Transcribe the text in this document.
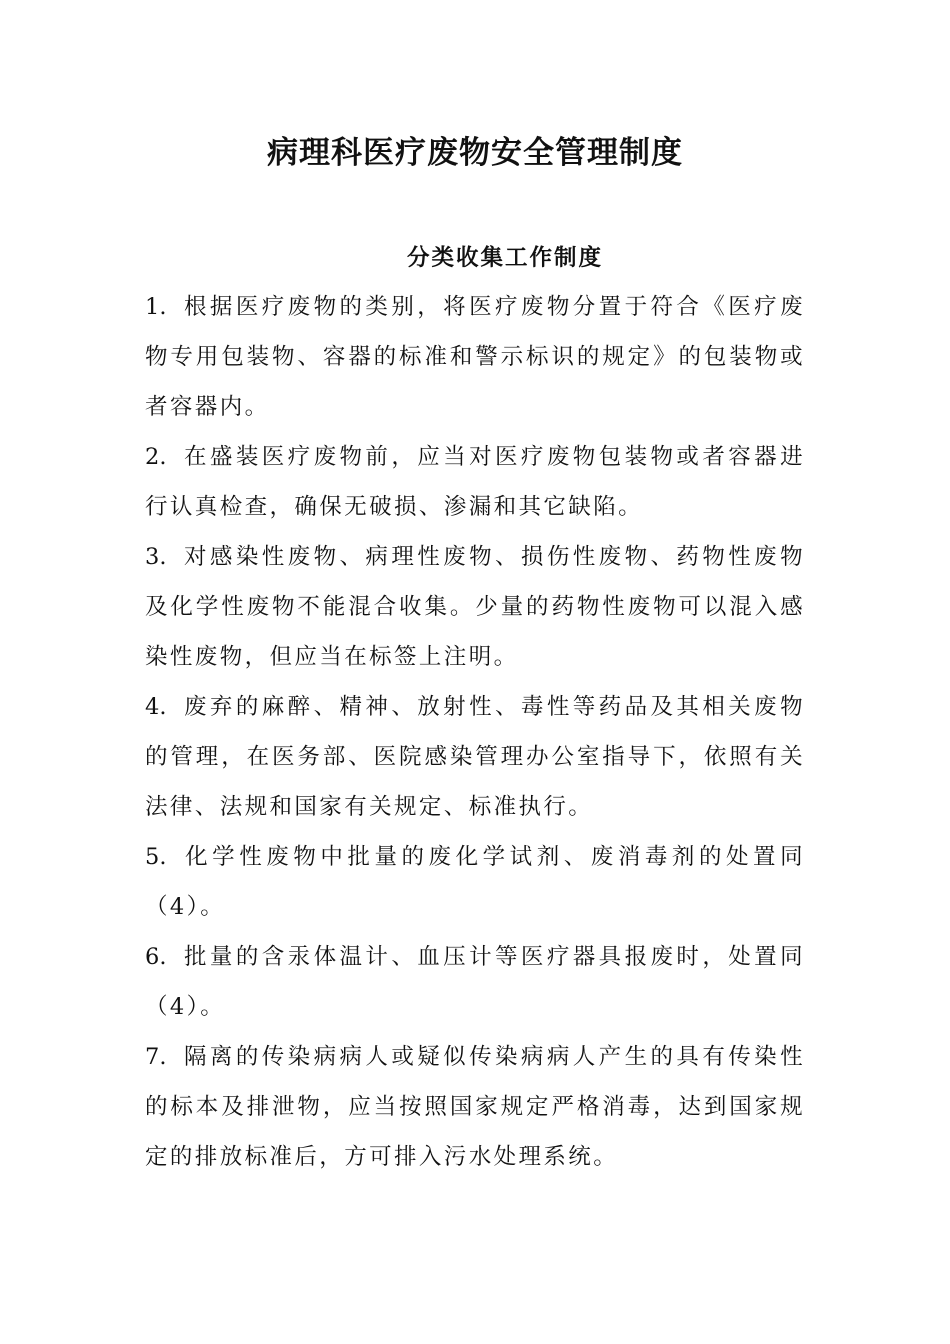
病理科医疗废物安全管理制度
分类收集工作制度

1. 根据医疗废物的类别，将医疗废物分置于符合《医疗废物专用包装物、容器的标准和警示标识的规定》的包装物或者容器内。

2. 在盛装医疗废物前，应当对医疗废物包装物或者容器进行认真检查，确保无破损、渗漏和其它缺陷。

3. 对感染性废物、病理性废物、损伤性废物、药物性废物及化学性废物不能混合收集。少量的药物性废物可以混入感染性废物，但应当在标签上注明。

4. 废弃的麻醉、精神、放射性、毒性等药品及其相关废物的管理，在医务部、医院感染管理办公室指导下，依照有关法律、法规和国家有关规定、标准执行。

5. 化学性废物中批量的废化学试剂、废消毒剂的处置同（4）。

6. 批量的含汞体温计、血压计等医疗器具报废时，处置同（4）。

7. 隔离的传染病病人或疑似传染病病人产生的具有传染性的标本及排泄物，应当按照国家规定严格消毒，达到国家规定的排放标准后，方可排入污水处理系统。
